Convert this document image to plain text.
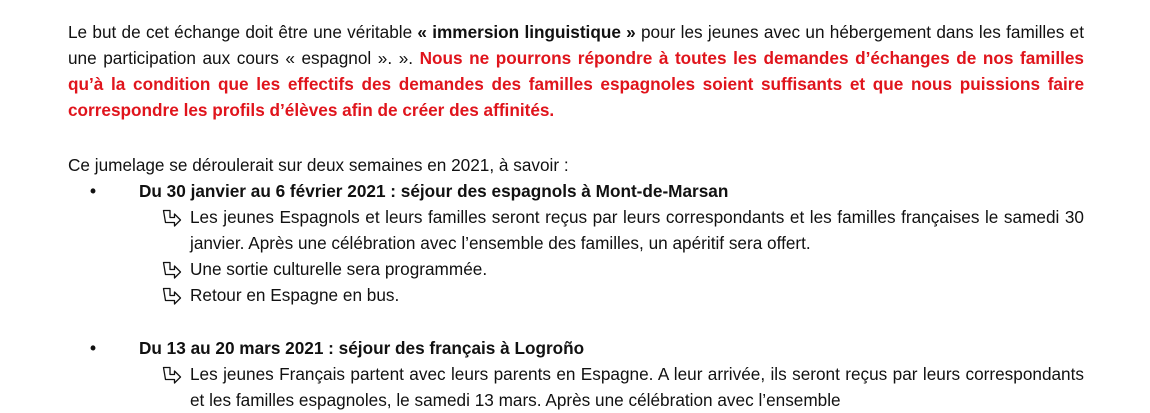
Le but de cet échange doit être une véritable « immersion linguistique » pour les jeunes avec un hébergement dans les familles et une participation aux cours « espagnol ». ». Nous ne pourrons répondre à toutes les demandes d’échanges de nos familles qu’à la condition que les effectifs des demandes des familles espagnoles soient suffisants et que nous puissions faire correspondre les profils d’élèves afin de créer des affinités.

Ce jumelage se déroulerait sur deux semaines en 2021, à savoir :

• Du 30 janvier au 6 février 2021 : séjour des espagnols à Mont-de-Marsan
Les jeunes Espagnols et leurs familles seront reçus par leurs correspondants et les familles françaises le samedi 30 janvier. Après une célébration avec l’ensemble des familles, un apéritif sera offert.
Une sortie culturelle sera programmée.
Retour en Espagne en bus.
• Du 13 au 20 mars 2021 : séjour des français à Logroño
Les jeunes Français partent avec leurs parents en Espagne. A leur arrivée, ils seront reçus par leurs correspondants et les familles espagnoles, le samedi 13 mars. Après une célébration avec l’ensemble
